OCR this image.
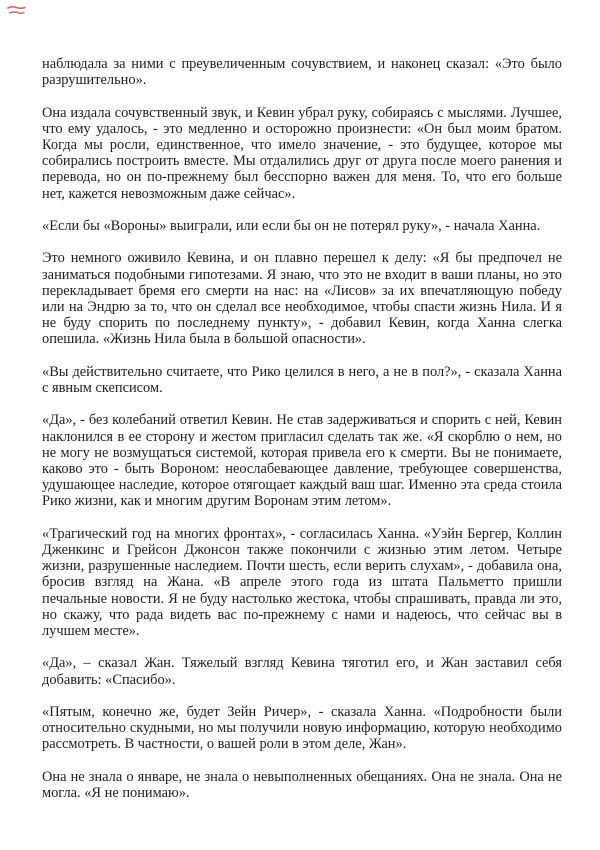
наблюдала за ними с преувеличенным сочувствием, и наконец сказал: «Это было разрушительно».

Она издала сочувственный звук, и Кевин убрал руку, собираясь с мыслями. Лучшее, что ему удалось, - это медленно и осторожно произнести: «Он был моим братом. Когда мы росли, единственное, что имело значение, - это будущее, которое мы собирались построить вместе. Мы отдалились друг от друга после моего ранения и перевода, но он по-прежнему был бесспорно важен для меня. То, что его больше нет, кажется невозможным даже сейчас».

«Если бы «Вороны» выиграли, или если бы он не потерял руку», - начала Ханна.

Это немного оживило Кевина, и он плавно перешел к делу: «Я бы предпочел не заниматься подобными гипотезами. Я знаю, что это не входит в ваши планы, но это перекладывает бремя его смерти на нас: на «Лисов» за их впечатляющую победу или на Эндрю за то, что он сделал все необходимое, чтобы спасти жизнь Нила. И я не буду спорить по последнему пункту», - добавил Кевин, когда Ханна слегка опешила. «Жизнь Нила была в большой опасности».

«Вы действительно считаете, что Рико целился в него, а не в пол?», - сказала Ханна с явным скепсисом.

«Да», - без колебаний ответил Кевин. Не став задерживаться и спорить с ней, Кевин наклонился в ее сторону и жестом пригласил сделать так же. «Я скорблю о нем, но не могу не возмущаться системой, которая привела его к смерти. Вы не понимаете, каково это - быть Вороном: неослабевающее давление, требующее совершенства, удушающее наследие, которое отягощает каждый ваш шаг. Именно эта среда стоила Рико жизни, как и многим другим Воронам этим летом».

«Трагический год на многих фронтах», - согласилась Ханна. «Уэйн Бергер, Коллин Дженкинс и Грейсон Джонсон также покончили с жизнью этим летом. Четыре жизни, разрушенные наследием. Почти шесть, если верить слухам», - добавила она, бросив взгляд на Жана. «В апреле этого года из штата Пальметто пришли печальные новости. Я не буду настолько жестока, чтобы спрашивать, правда ли это, но скажу, что рада видеть вас по-прежнему с нами и надеюсь, что сейчас вы в лучшем месте».

«Да», – сказал Жан. Тяжелый взгляд Кевина тяготил его, и Жан заставил себя добавить: «Спасибо».

«Пятым, конечно же, будет Зейн Ричер», - сказала Ханна. «Подробности были относительно скудными, но мы получили новую информацию, которую необходимо рассмотреть. В частности, о вашей роли в этом деле, Жан».

Она не знала о январе, не знала о невыполненных обещаниях. Она не знала. Она не могла. «Я не понимаю».
